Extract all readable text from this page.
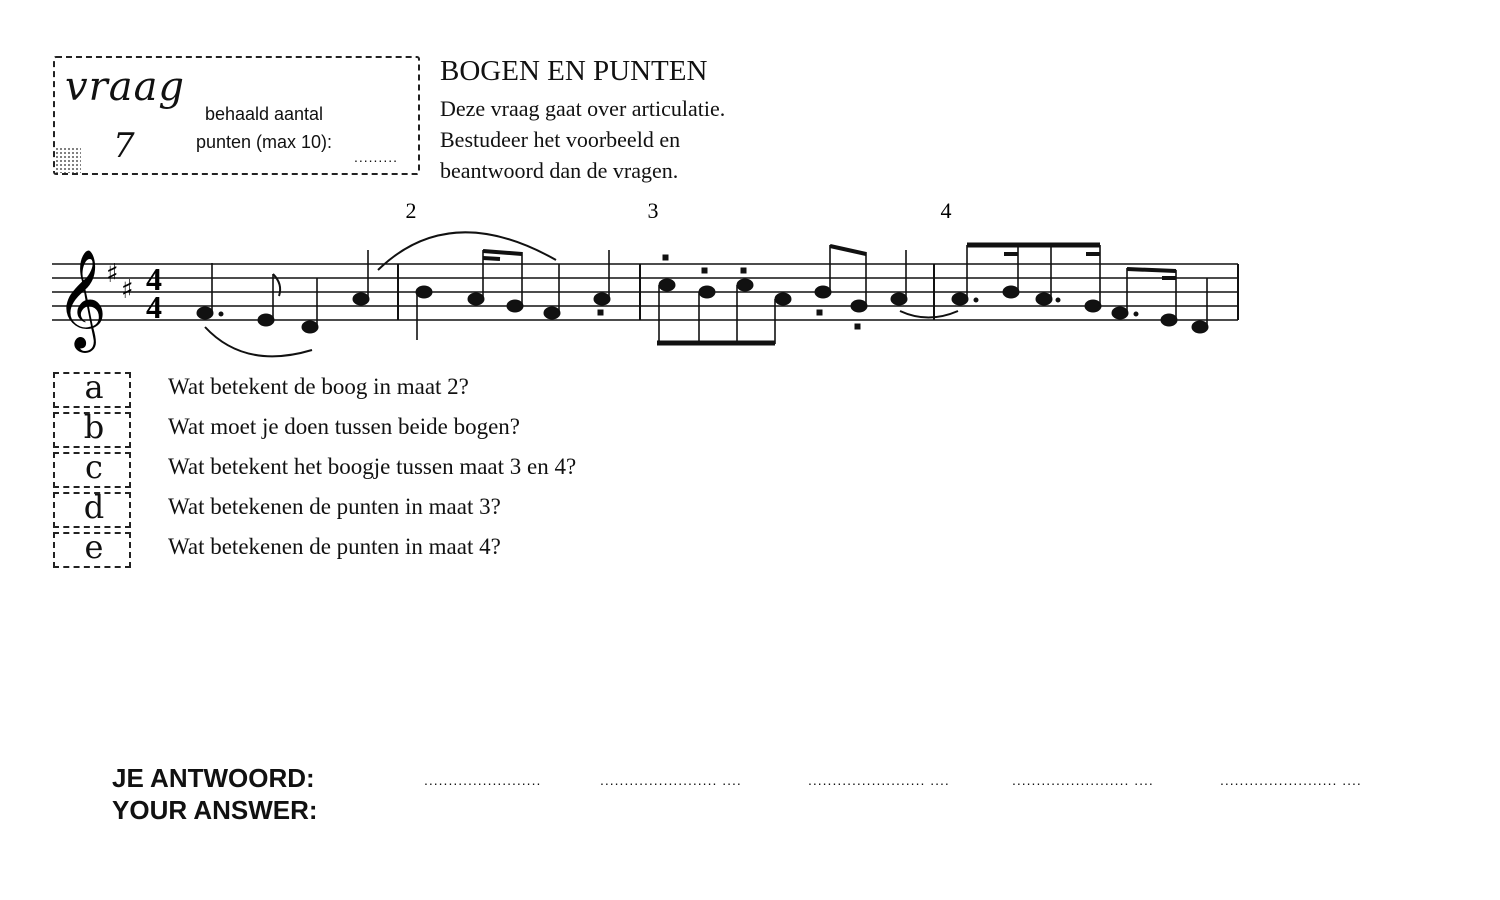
vraag
7
behaald aantal punten (max 10):
.........
BOGEN EN PUNTEN
Deze vraag gaat over articulatie.
Bestudeer het voorbeeld en
beantwoord dan de vragen.
2	3	4
𝄞 ♯
♯ 4
4
a	Wat betekent de boog in maat 2?
b	Wat moet je doen tussen beide bogen?
c	Wat betekent het boogje tussen maat 3 en 4?
d	Wat betekenen de punten in maat 3?
e	Wat betekenen de punten in maat 4?
JE ANTWOORD:
YOUR ANSWER:
........................	........................ ....	........................ ....	........................ ....	........................ ....
